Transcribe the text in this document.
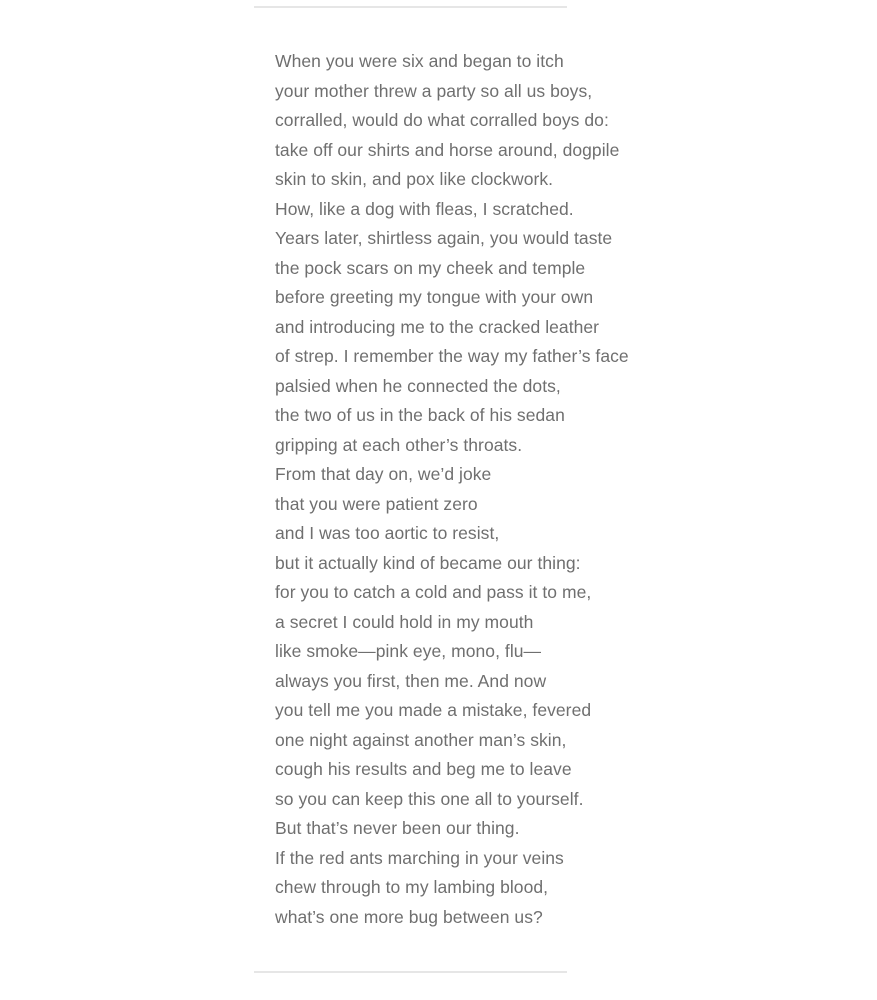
When you were six and began to itch
your mother threw a party so all us boys,
corralled, would do what corralled boys do:
take off our shirts and horse around, dogpile
skin to skin, and pox like clockwork.
How, like a dog with fleas, I scratched.
Years later, shirtless again, you would taste
the pock scars on my cheek and temple
before greeting my tongue with your own
and introducing me to the cracked leather
of strep. I remember the way my father’s face
palsied when he connected the dots,
the two of us in the back of his sedan
gripping at each other’s throats.
From that day on, we’d joke
that you were patient zero
and I was too aortic to resist,
but it actually kind of became our thing:
for you to catch a cold and pass it to me,
a secret I could hold in my mouth
like smoke—pink eye, mono, flu—
always you first, then me. And now
you tell me you made a mistake, fevered
one night against another man’s skin,
cough his results and beg me to leave
so you can keep this one all to yourself.
But that’s never been our thing.
If the red ants marching in your veins
chew through to my lambing blood,
what’s one more bug between us?
